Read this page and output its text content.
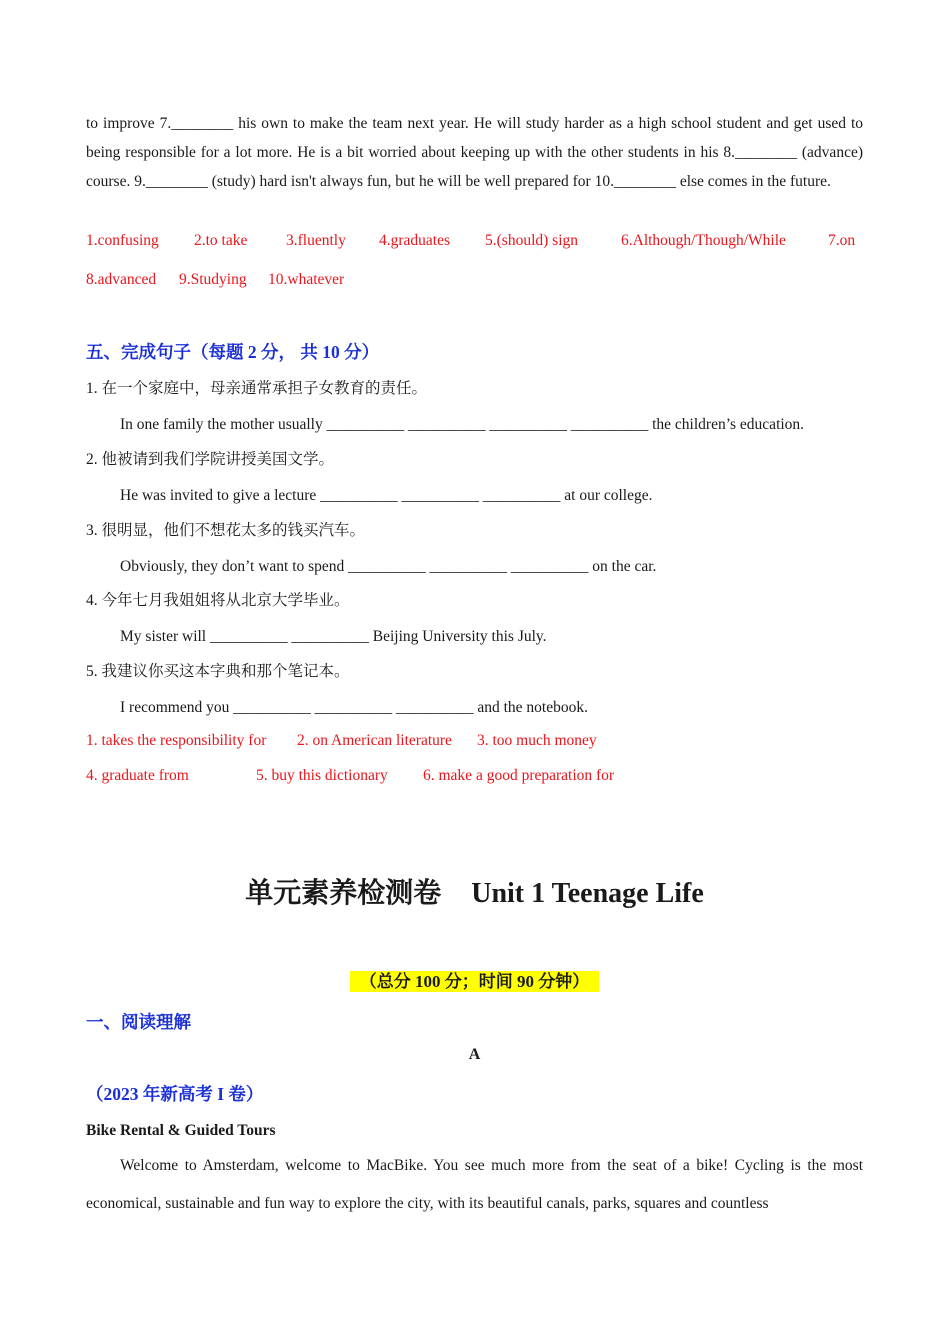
to improve 7.________ his own to make the team next year. He will study harder as a high school student and get used to being responsible for a lot more. He is a bit worried about keeping up with the other students in his 8.________ (advance) course. 9.________ (study) hard isn't always fun, but he will be well prepared for 10.________ else comes in the future.

1.confusing 2.to take 3.fluently 4.graduates 5.(should) sign	6.Although/Though/While	7.on
8.advanced 9.Studying 10.whatever
五、完成句子（每题 2 分， 共 10 分）
1. 在一个家庭中，母亲通常承担子女教育的责任。
In one family the mother usually __________ __________ __________ __________ the children’s education.
2. 他被请到我们学院讲授美国文学。
He was invited to give a lecture __________ __________ __________ at our college.
3. 很明显，他们不想花太多的钱买汽车。
Obviously, they don’t want to spend __________ __________ __________ on the car.
4. 今年七月我姐姐将从北京大学毕业。
My sister will __________ __________ Beijing University this July.
5. 我建议你买这本字典和那个笔记本。
I recommend you __________ __________ __________ and the notebook.
1. takes the responsibility for 2. on American literature 3. too much money
4. graduate from	5. buy this dictionary 6. make a good preparation for
单元素养检测卷 Unit 1 Teenage Life
（总分 100 分；时间 90 分钟）
一、阅读理解
A
（2023 年新高考 I 卷）
Bike Rental & Guided Tours

Welcome to Amsterdam, welcome to MacBike. You see much more from the seat of a bike! Cycling is the most economical, sustainable and fun way to explore the city, with its beautiful canals, parks, squares and countless
